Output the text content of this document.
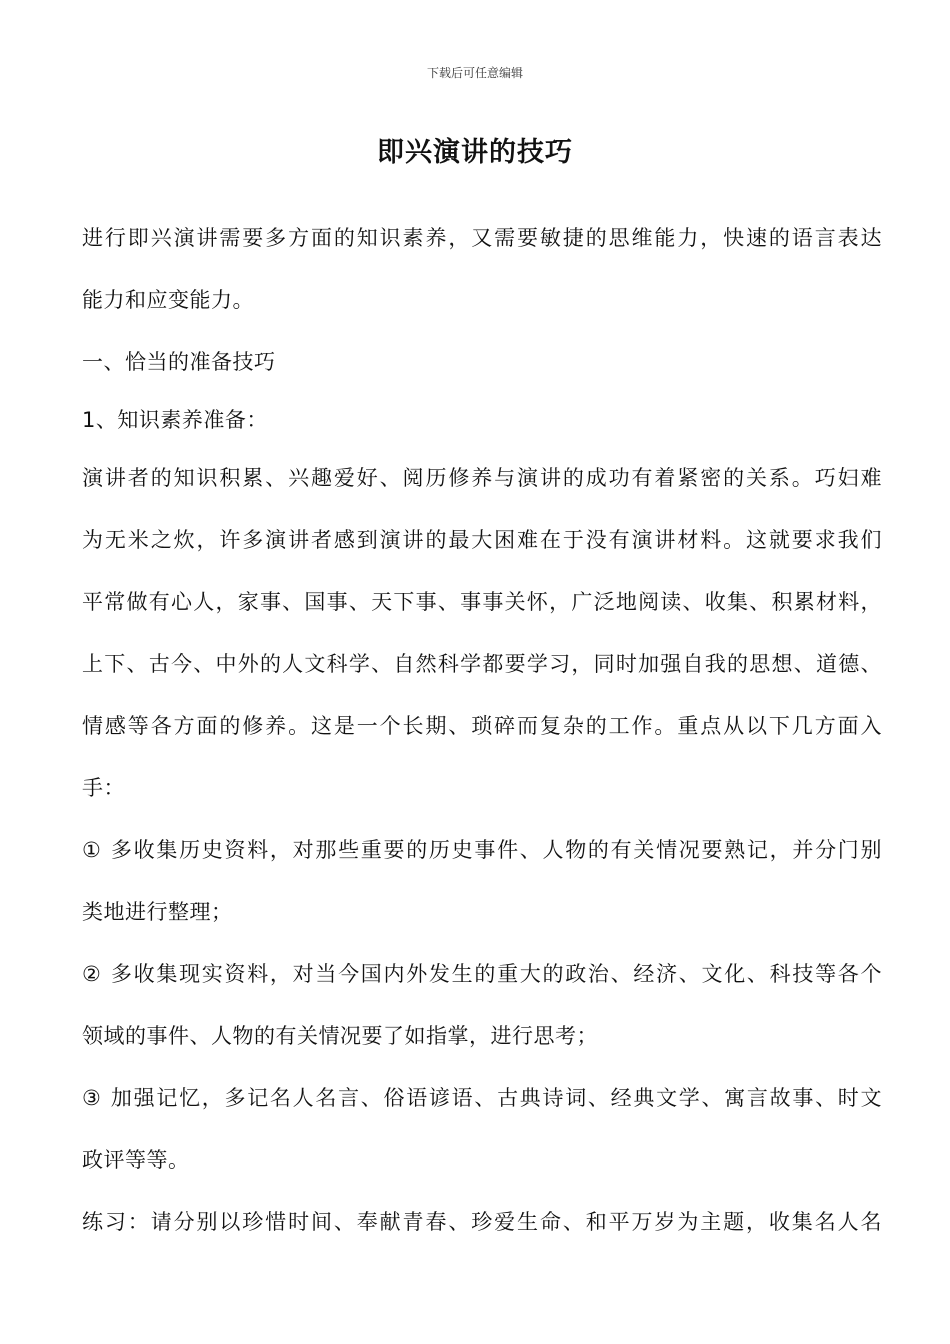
下载后可任意编辑
即兴演讲的技巧
进行即兴演讲需要多方面的知识素养，又需要敏捷的思维能力，快速的语言表达
能力和应变能力。
一、恰当的准备技巧
1、知识素养准备：
演讲者的知识积累、兴趣爱好、阅历修养与演讲的成功有着紧密的关系。巧妇难
为无米之炊，许多演讲者感到演讲的最大困难在于没有演讲材料。这就要求我们
平常做有心人，家事、国事、天下事、事事关怀，广泛地阅读、收集、积累材料，
上下、古今、中外的人文科学、自然科学都要学习，同时加强自我的思想、道德、
情感等各方面的修养。这是一个长期、琐碎而复杂的工作。重点从以下几方面入
手：
① 多收集历史资料，对那些重要的历史事件、人物的有关情况要熟记，并分门别
类地进行整理；
② 多收集现实资料，对当今国内外发生的重大的政治、经济、文化、科技等各个
领域的事件、人物的有关情况要了如指掌，进行思考；
③ 加强记忆，多记名人名言、俗语谚语、古典诗词、经典文学、寓言故事、时文
政评等等。
练习：请分别以珍惜时间、奉献青春、珍爱生命、和平万岁为主题，收集名人名
